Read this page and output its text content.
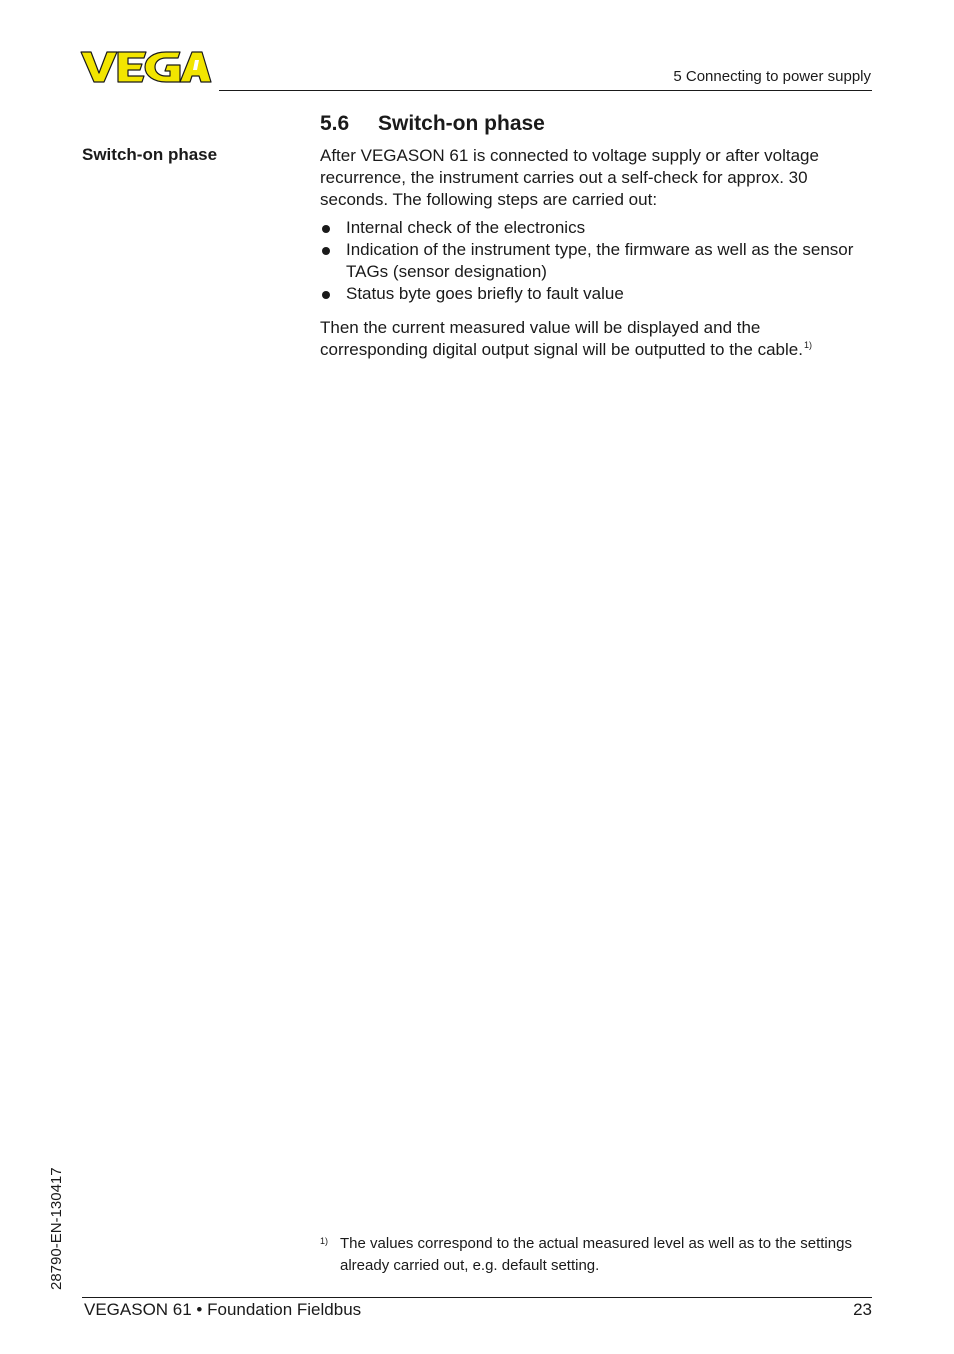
5 Connecting to power supply
5.6 Switch-on phase
Switch-on phase	After VEGASON 61 is connected to voltage supply or after voltage recurrence, the instrument carries out a self-check for approx. 30 seconds. The following steps are carried out:

Internal check of the electronics
Indication of the instrument type, the firmware as well as the sensor TAGs (sensor designation)
Status byte goes briefly to fault value

Then the current measured value will be displayed and the corresponding digital output signal will be outputted to the cable.$^{1)}$

28790-EN-130417	1) The values correspond to the actual measured level as well as to the settings already carried out, e.g. default setting.
VEGASON 61 • Foundation Fieldbus	23
